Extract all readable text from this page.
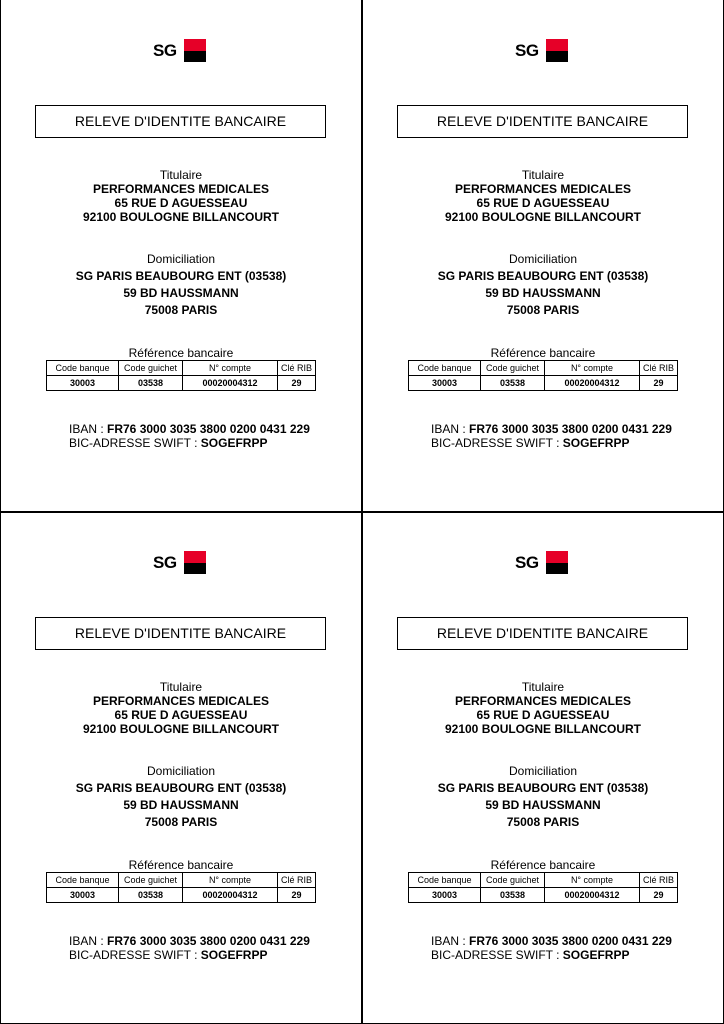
SG
RELEVE D'IDENTITE BANCAIRE
Titulaire
PERFORMANCES MEDICALES
65 RUE D AGUESSEAU
92100 BOULOGNE BILLANCOURT
Domiciliation
SG PARIS BEAUBOURG ENT (03538)
59 BD HAUSSMANN
75008 PARIS
Référence bancaire
Code banque	Code guichet	N° compte	Clé RIB
30003	03538	00020004312	29
IBAN : FR76 3000 3035 3800 0200 0431 229
BIC-ADRESSE SWIFT : SOGEFRPP
SG
RELEVE D'IDENTITE BANCAIRE
Titulaire
PERFORMANCES MEDICALES
65 RUE D AGUESSEAU
92100 BOULOGNE BILLANCOURT
Domiciliation
SG PARIS BEAUBOURG ENT (03538)
59 BD HAUSSMANN
75008 PARIS
Référence bancaire
Code banque	Code guichet	N° compte	Clé RIB
30003	03538	00020004312	29
IBAN : FR76 3000 3035 3800 0200 0431 229
BIC-ADRESSE SWIFT : SOGEFRPP
SG
RELEVE D'IDENTITE BANCAIRE
Titulaire
PERFORMANCES MEDICALES
65 RUE D AGUESSEAU
92100 BOULOGNE BILLANCOURT
Domiciliation
SG PARIS BEAUBOURG ENT (03538)
59 BD HAUSSMANN
75008 PARIS
Référence bancaire
Code banque	Code guichet	N° compte	Clé RIB
30003	03538	00020004312	29
IBAN : FR76 3000 3035 3800 0200 0431 229
BIC-ADRESSE SWIFT : SOGEFRPP
SG
RELEVE D'IDENTITE BANCAIRE
Titulaire
PERFORMANCES MEDICALES
65 RUE D AGUESSEAU
92100 BOULOGNE BILLANCOURT
Domiciliation
SG PARIS BEAUBOURG ENT (03538)
59 BD HAUSSMANN
75008 PARIS
Référence bancaire
Code banque	Code guichet	N° compte	Clé RIB
30003	03538	00020004312	29
IBAN : FR76 3000 3035 3800 0200 0431 229
BIC-ADRESSE SWIFT : SOGEFRPP
